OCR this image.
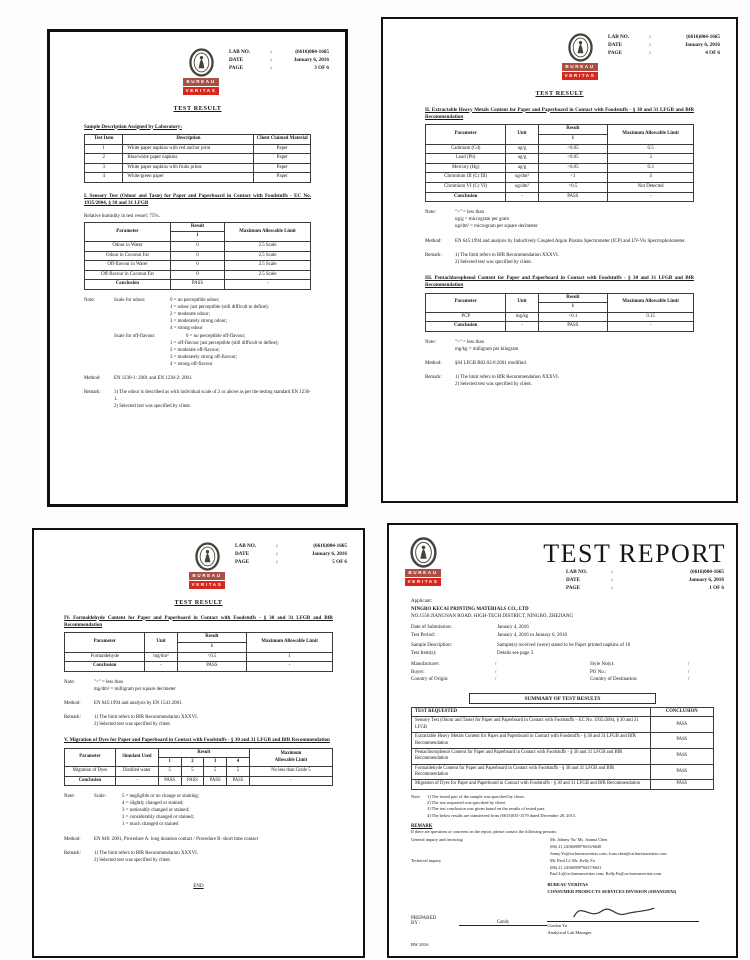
BUREAU
VERITAS
LAB NO.	:	(6616)004-1665
DATE	:	January 6, 2016
PAGE	:	3 OF 6
TEST RESULT
Sample Description Assigned by Laboratory:
Test Item	Description	Client Claimed Material
1	White paper napkins with red anchor print	Paper
2	Blue/white paper napkins	Paper
3	White paper napkins with fruits prints	Paper
4	White/green paper	Paper
I. Sensory Test (Odour and Taste) for Paper and Paperboard in Contact with Foodstuffs - EC No. 1935/2004, § 30 and 31 LFGB
Relative humidity in test vessel: 75%.
Parameter	Result	Maximum Allowable Limit
	1	
Odour in Water	0	2.5 Scale
Odour in Coconut Fat	0	2.5 Scale
Off-flavour in Water	0	2.5 Scale
Off-flavour in Coconut Fat	0	2.5 Scale
Conclusion	PASS	-
Note:	Scale for odour:	0 = no perceptible odour;
1 = odour just perceptible (still difficult to define);
2 = moderate odour;
3 = moderately strong odour;
4 = strong odour
Scale for off-flavour:	0 = no perceptible off-flavour;
1 = off-flavour just perceptible (still difficult to define);
2 = moderate off-flavour;
3 = moderately strong off-flavour;
4 = strong off-flavour
Method:	EN 1230-1: 2001 and EN 1230-2: 2001.
Remark:	1) The odour is described as with individual scale of 2 or above as per the testing standard EN 1230-1.
2) Selected test was specified by client.
BUREAU
VERITAS
LAB NO.	:	(6616)004-1665
DATE	:	January 6, 2016
PAGE	:	4 OF 6
TEST RESULT
II. Extractable Heavy Metals Content for Paper and Paperboard in Contact with Foodstuffs - § 30 and 31 LFGB and BfR Recommendation
Parameter	Unit	Result	Maximum Allowable Limit
		1	
Cadmium (Cd)	ug/g	<0.05	0.5
Lead (Pb)	ug/g	<0.05	3
Mercury (Hg)	ug/g	<0.05	0.3
Chromium III (Cr III)	ug/dm²	<1	4
Chromium VI (Cr VI)	ug/dm²	<0.5	Not Detected
Conclusion	-	PASS	-
Note:	"<" = less than
ug/g = microgram per gram
ug/dm² = microgram per square decimeter
Method:	EN 645:1994 and analysis by Inductively Coupled Argon Plasma Spectrometer (ICP) and UV-Vis Spectrophotometer.
Remark:	1) The limit refers to BfR Recommendation XXXVI.
2) Selected test was specified by client.
III. Pentachlorophenol Content for Paper and Paperboard in Contact with Foodstuffs - § 30 and 31 LFGB and BfR Recommendation
Parameter	Unit	Result	Maximum Allowable Limit
		1	
PCP	mg/kg	<0.1	0.15
Conclusion	-	PASS	-
Note:	"<" = less than
mg/kg = milligram per kilogram
Method:	§64 LFGB B82.02-8:2001 modified.
Remark:	1) The limit refers to BfR Recommendation XXXVI.
2) Selected test was specified by client.
BUREAU
VERITAS
LAB NO.	:	(6616)004-1665
DATE	:	January 6, 2016
PAGE	:	5 OF 6
TEST RESULT
IV. Formaldehyde Content for Paper and Paperboard in Contact with Foodstuffs - § 30 and 31 LFGB and BfR Recommendation
Parameter	Unit	Result	Maximum Allowable Limit
		1	
Formaldehyde	mg/dm²	<0.5	1
Conclusion	-	PASS	-
Note:	"<" = less than
mg/dm² = milligram per square decimeter
Method:	EN 645:1994 and analysis by EN 1541:2001.
Remark:	1) The limit refers to BfR Recommendation XXXVI.
2) Selected test was specified by client.
V. Migration of Dyes for Paper and Paperboard in Contact with Foodstuffs - § 30 and 31 LFGB and BfR Recommendation
Parameter	Simulant Used	Result				Maximum
Allowable Limit
		1	2	3	4	
Migration of Dyes	Distilled water	5	5	5	5	No less than Grade 5
Conclusion	-	PASS	PASS	PASS	PASS	-
Note:	Scale:	5 = negligible or no change or staining;
4 = slightly changed or stained;
3 = noticeably changed or stained;
2 = considerably changed or stained;
1 = much changed or stained
Method:	EN 646: 2001, Procedure A: long duration contact / Procedure B: short time contact
Remark:	1) The limit refers to BfR Recommendation XXXVI.
2) Selected test was specified by client.
END
BUREAU
VERITAS
TEST REPORT
LAB NO.	:	(6616)004-1665
DATE	:	January 6, 2016
PAGE	:	1 OF 6
Applicant:
NINGBO KECAI PRINTING MATERIALS CO., LTD
NO.1558 JIANGNAN ROAD, HIGH-TECH DISTRICT, NINGBO, ZHEJIANG
Date of Submission:	January 4, 2016
Test Period:	January 4, 2016 to January 6, 2016
Sample Description:	Sample(s) received (were) stated to be Paper printed napkins of 16
Test Item(s):	Details see page 3
Manufacturer:	/	Style No(s):	/
Buyer:	/	PO No.:	/
Country of Origin:	/	Country of Destination:	/
SUMMARY OF TEST RESULTS
TEST REQUESTED	CONCLUSION
Sensory Test (Odour and Taste) for Paper and Paperboard in Contact with Foodstuffs – EC No. 1935/2004, § 30 and 31 LFGB	PASS
Extractable Heavy Metals Content for Paper and Paperboard in Contact with Foodstuffs - § 30 and 31 LFGB and BfR Recommendation	PASS
Pentachlorophenol Content for Paper and Paperboard in Contact with Foodstuffs - § 30 and 31 LFGB and BfR Recommendation	PASS
Formaldehyde Content for Paper and Paperboard in Contact with Foodstuffs - § 30 and 31 LFGB and BfR Recommendation	PASS
Migration of Dyes for Paper and Paperboard in Contact with Foodstuffs - § 30 and 31 LFGB and BfR Recommendation	PASS
Note:	1) The tested part of the sample was specified by client.
2) The test requested was specified by client.
3) The test conclusion was given based on the results of tested part.
4) The below results are transferred from (6615)035-1579 dated December 28, 2015.
REMARK
If there are questions or concerns on the report, please contact the following persons:
General inquiry and invoicing	Mr. Johnny Yu/ Ms. Joanna Chen
(86) 21 24166888*6633/6640
Jonny.Yu@cn.bureauveritas.com; Joan.chen@cn.bureauveritas.com
Technical inquiry	Mr. Paul Li/ Ms. Kelly Fu
(86) 21 24166888*6037/6841
Paul.Li@cn.bureauveritas.com; Kelly.Fu@cn.bureauveritas.com
PREPARED BY :	Candy
RW 2016
BUREAU VERITAS
CONSUMER PRODUCTS SERVICES DIVISION (SHANGHAI)
Gordon Yu
Analytical Lab Manager
